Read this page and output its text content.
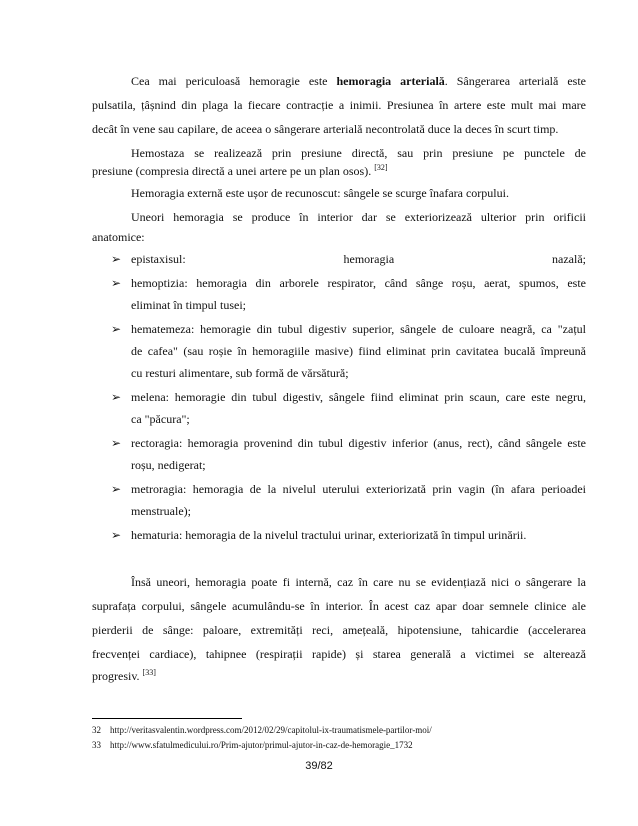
Cea mai periculoasă hemoragie este hemoragia arterială. Sângerarea arterială este
pulsatila, țâșnind din plaga la fiecare contracție a inimii. Presiunea în artere este mult mai mare
decât în vene sau capilare, de aceea o sângerare arterială necontrolată duce la deces în scurt timp.
Hemostaza se realizează prin presiune directă, sau prin presiune pe punctele de
presiune (compresia directă a unei artere pe un plan osos). [32]
Hemoragia externă este ușor de recunoscut: sângele se scurge înafara corpului.
Uneori hemoragia se produce în interior dar se exteriorizează ulterior prin orificii
anatomice:
➢ epistaxisul: hemoragia nazală;
➢ hemoptizia: hemoragia din arborele respirator, când sânge roșu, aerat, spumos, este
eliminat în timpul tusei;
➢ hematemeza: hemoragie din tubul digestiv superior, sângele de culoare neagră, ca "zațul
de cafea" (sau roșie în hemoragiile masive) fiind eliminat prin cavitatea bucală împreună
cu resturi alimentare, sub formă de vărsătură;
➢ melena: hemoragie din tubul digestiv, sângele fiind eliminat prin scaun, care este negru,
ca "păcura";
➢ rectoragia: hemoragia provenind din tubul digestiv inferior (anus, rect), când sângele este
roșu, nedigerat;
➢ metroragia: hemoragia de la nivelul uterului exteriorizată prin vagin (în afara perioadei
menstruale);
➢ hematuria: hemoragia de la nivelul tractului urinar, exteriorizată în timpul urinării.
Însă uneori, hemoragia poate fi internă, caz în care nu se evidențiază nici o sângerare la
suprafața corpului, sângele acumulându-se în interior. În acest caz apar doar semnele clinice ale
pierderii de sânge: paloare, extremități reci, amețeală, hipotensiune, tahicardie (accelerarea
frecvenței cardiace), tahipnee (respirații rapide) și starea generală a victimei se alterează
progresiv. [33]
32 http://veritasvalentin.wordpress.com/2012/02/29/capitolul-ix-traumatismele-partilor-moi/
33 http://www.sfatulmedicului.ro/Prim-ajutor/primul-ajutor-in-caz-de-hemoragie_1732
39/82
